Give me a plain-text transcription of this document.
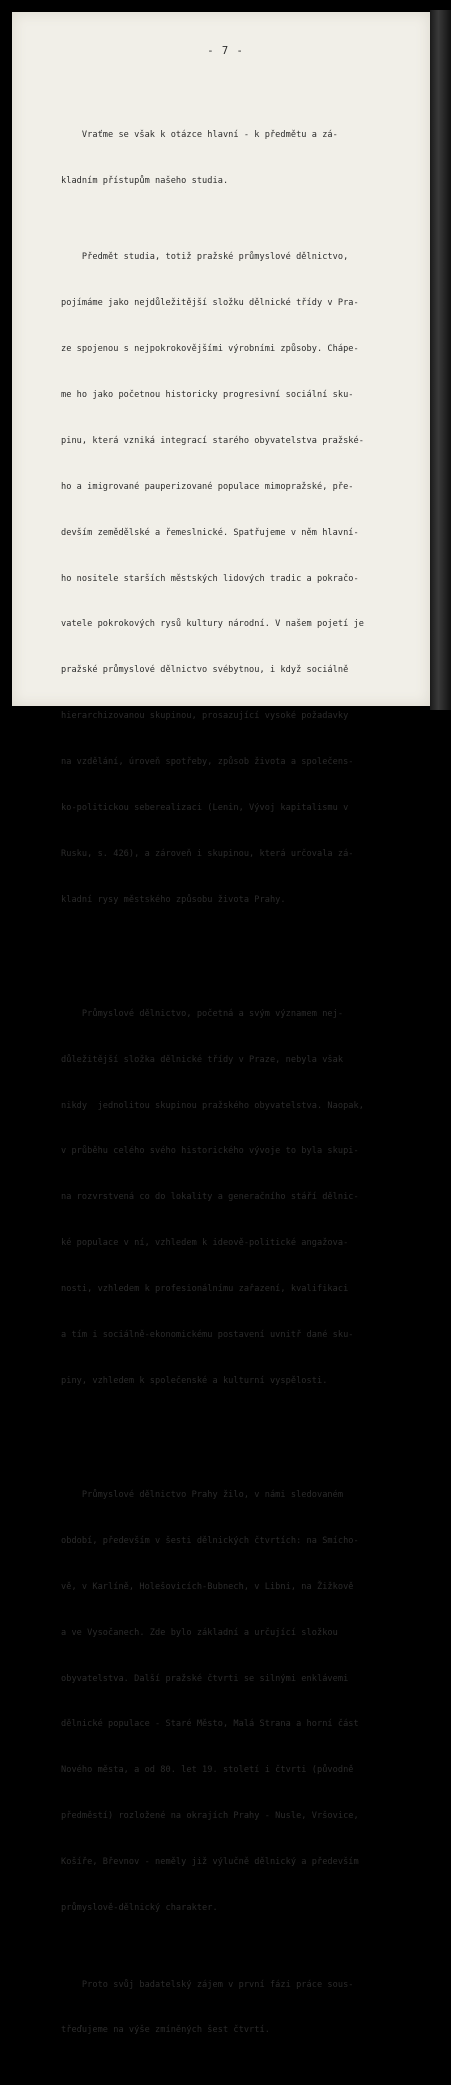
- 7 -

Vraťme se však k otázce hlavní - k předmětu a zá-

kladním přístupům našeho studia.

Předmět studia, totiž pražské průmyslové dělnictvo,

pojímáme jako nejdůležitější složku dělnické třídy v Pra-

ze spojenou s nejpokrokovějšími výrobními způsoby. Chápe-

me ho jako početnou historicky progresivní sociální sku-

pinu, která vzniká integrací starého obyvatelstva pražské-

ho a imigrované pauperizované populace mimopražské, pře-

devším zemědělské a řemeslnické. Spatřujeme v něm hlavní-

ho nositele starších městských lidových tradic a pokračo-

vatele pokrokových rysů kultury národní. V našem pojetí je

pražské průmyslové dělnictvo svébytnou, i když sociálně

hierarchizovanou skupinou, prosazující vysoké požadavky

na vzdělání, úroveň spotřeby, způsob života a společens-

ko-politickou seberealizaci (Lenin, Vývoj kapitalismu v

Rusku, s. 426), a zároveň i skupinou, která určovala zá-

kladní rysy městského způsobu života Prahy.

Průmyslové dělnictvo, početná a svým významem nej-

důležitější složka dělnické třídy v Praze, nebyla však

nikdy  jednolitou skupinou pražského obyvatelstva. Naopak,

v průběhu celého svého historického vývoje to byla skupi-

na rozvrstvená co do lokality a generačního stáří dělnic-

ké populace v ní, vzhledem k ideově-politické angažova-

nosti, vzhledem k profesionálnímu zařazení, kvalifikaci

a tím i sociálně-ekonomickému postavení uvnitř dané sku-

piny, vzhledem k společenské a kulturní vyspělosti.

Průmyslové dělnictvo Prahy žilo, v námi sledovaném

období, především v šesti dělnických čtvrtích: na Smícho-

vě, v Karlíně, Holešovicích-Bubnech, v Libni, na Žižkově

a ve Vysočanech. Zde bylo základní a určující složkou

obyvatelstva. Další pražské čtvrti se silnými enklávemi

dělnické populace - Staré Město, Malá Strana a horní část

Nového města, a od 80. let 19. století i čtvrti (původně

předměstí) rozložené na okrajích Prahy - Nusle, Vršovice,

Košíře, Břevnov - neměly již výlučně dělnický a především

průmyslově-dělnický charakter.

Proto svůj badatelský zájem v první fázi práce sous-

třeďujeme na výše zmíněných šest čtvrtí.
